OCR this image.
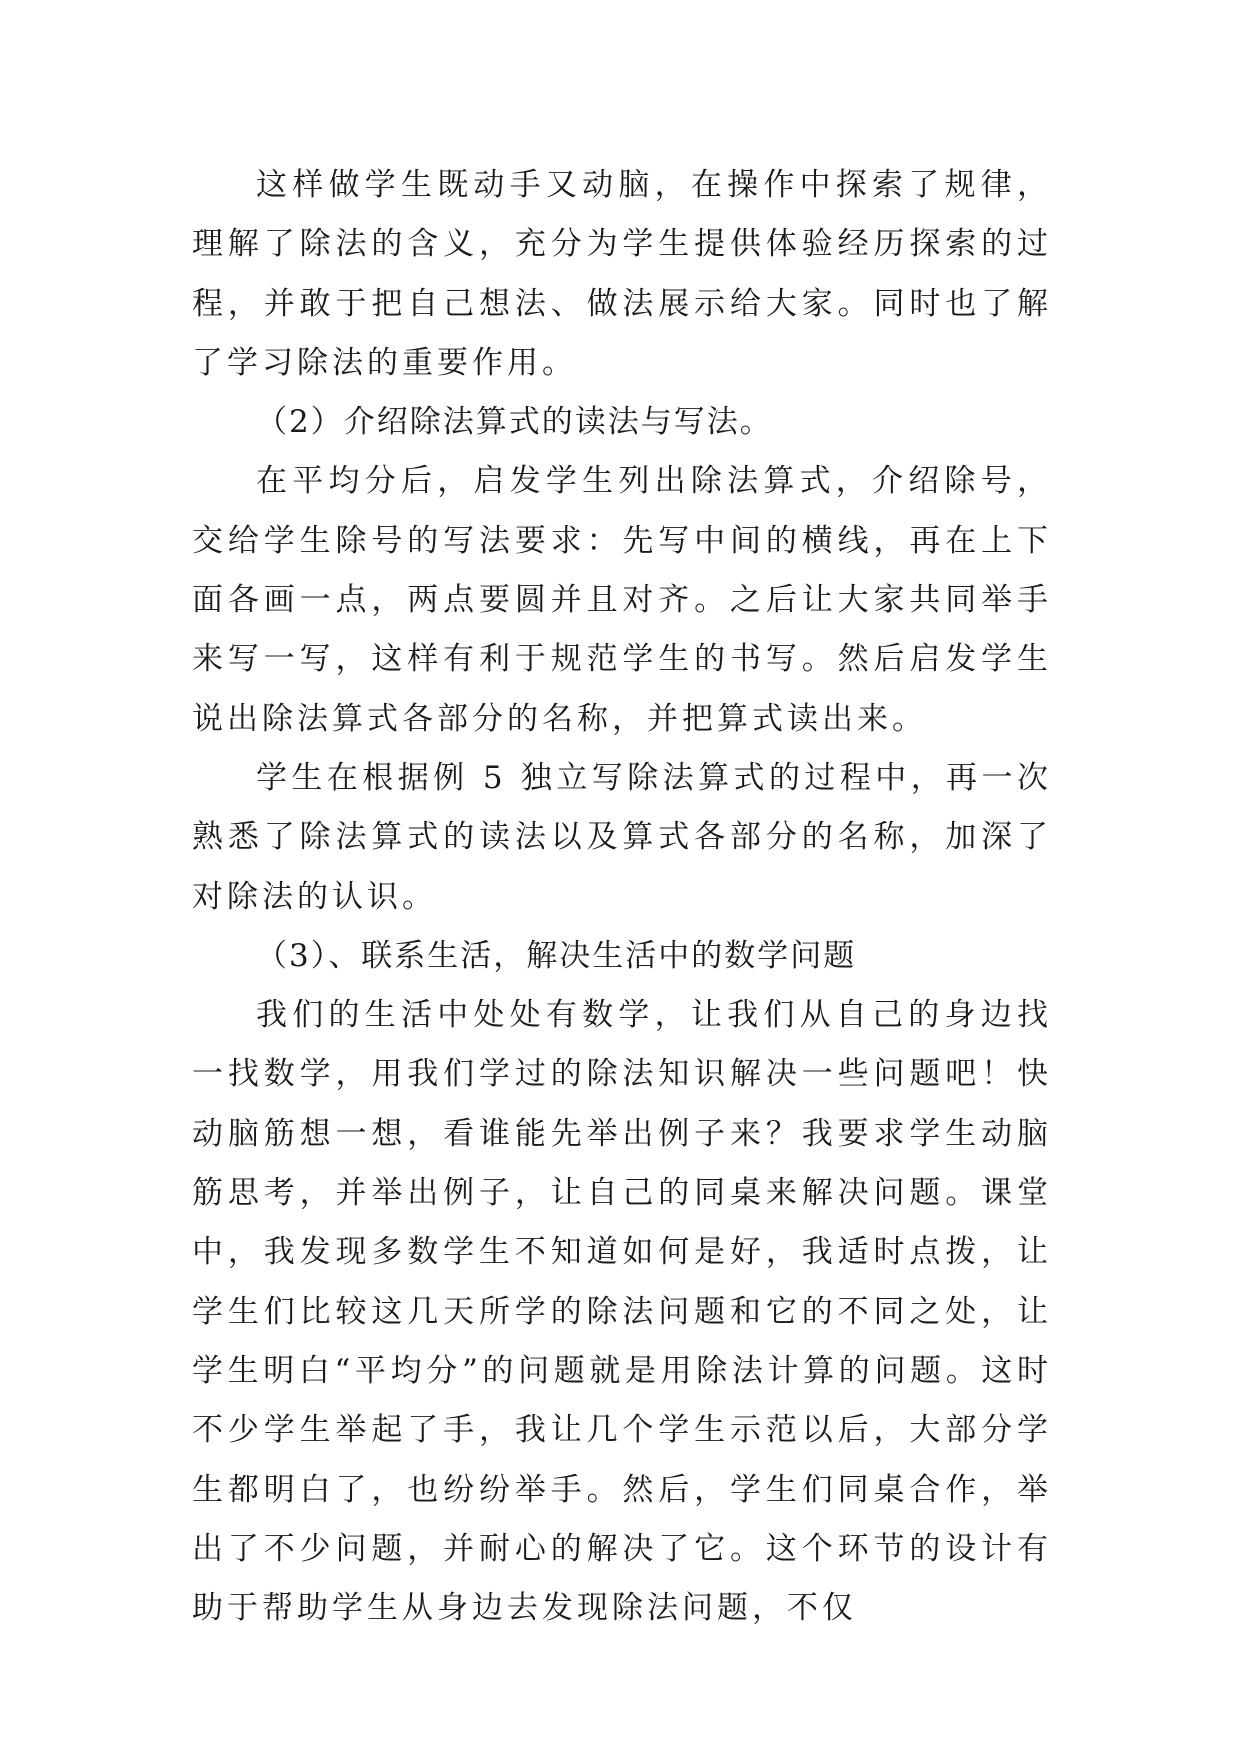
这样做学生既动手又动脑，在操作中探索了规律，理解了除法的含义，充分为学生提供体验经历探索的过程，并敢于把自己想法、做法展示给大家。同时也了解了学习除法的重要作用。

（2）介绍除法算式的读法与写法。

在平均分后，启发学生列出除法算式，介绍除号，交给学生除号的写法要求：先写中间的横线，再在上下面各画一点，两点要圆并且对齐。之后让大家共同举手来写一写，这样有利于规范学生的书写。然后启发学生说出除法算式各部分的名称，并把算式读出来。

学生在根据例 5 独立写除法算式的过程中，再一次熟悉了除法算式的读法以及算式各部分的名称，加深了对除法的认识。

（3）、联系生活，解决生活中的数学问题

我们的生活中处处有数学，让我们从自己的身边找一找数学，用我们学过的除法知识解决一些问题吧！快动脑筋想一想，看谁能先举出例子来？我要求学生动脑筋思考，并举出例子，让自己的同桌来解决问题。课堂中，我发现多数学生不知道如何是好，我适时点拨，让学生们比较这几天所学的除法问题和它的不同之处，让学生明白“平均分”的问题就是用除法计算的问题。这时不少学生举起了手，我让几个学生示范以后，大部分学生都明白了，也纷纷举手。然后，学生们同桌合作，举出了不少问题，并耐心的解决了它。这个环节的设计有助于帮助学生从身边去发现除法问题，不仅
